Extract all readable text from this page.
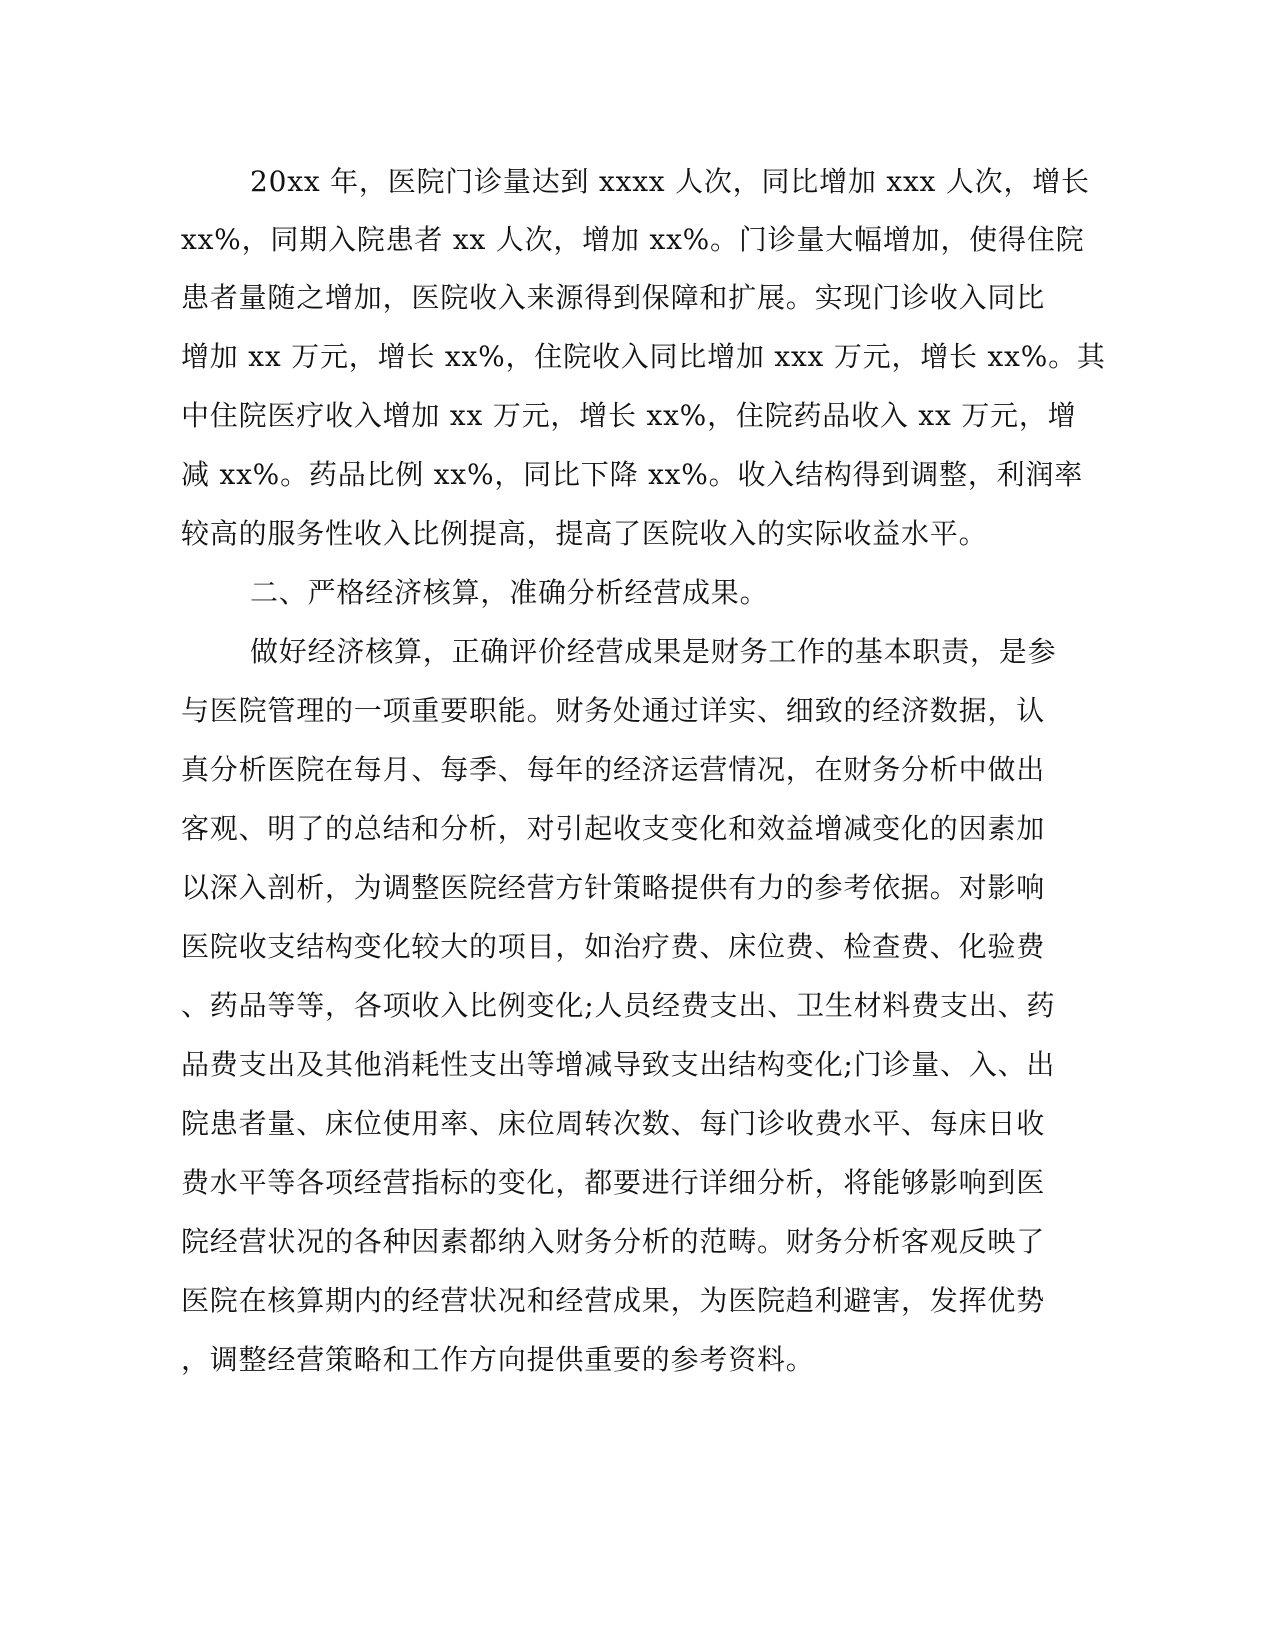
20xx 年，医院门诊量达到 xxxx 人次，同比增加 xxx 人次，增长
xx%，同期入院患者 xx 人次，增加 xx%。门诊量大幅增加，使得住院
患者量随之增加，医院收入来源得到保障和扩展。实现门诊收入同比
增加 xx 万元，增长 xx%，住院收入同比增加 xxx 万元，增长 xx%。其
中住院医疗收入增加 xx 万元，增长 xx%，住院药品收入 xx 万元，增
减 xx%。药品比例 xx%，同比下降 xx%。收入结构得到调整，利润率
较高的服务性收入比例提高，提高了医院收入的实际收益水平。
二、严格经济核算，准确分析经营成果。
做好经济核算，正确评价经营成果是财务工作的基本职责，是参
与医院管理的一项重要职能。财务处通过详实、细致的经济数据，认
真分析医院在每月、每季、每年的经济运营情况，在财务分析中做出
客观、明了的总结和分析，对引起收支变化和效益增减变化的因素加
以深入剖析，为调整医院经营方针策略提供有力的参考依据。对影响
医院收支结构变化较大的项目，如治疗费、床位费、检查费、化验费
、药品等等，各项收入比例变化;人员经费支出、卫生材料费支出、药
品费支出及其他消耗性支出等增减导致支出结构变化;门诊量、入、出
院患者量、床位使用率、床位周转次数、每门诊收费水平、每床日收
费水平等各项经营指标的变化，都要进行详细分析，将能够影响到医
院经营状况的各种因素都纳入财务分析的范畴。财务分析客观反映了
医院在核算期内的经营状况和经营成果，为医院趋利避害，发挥优势
，调整经营策略和工作方向提供重要的参考资料。
